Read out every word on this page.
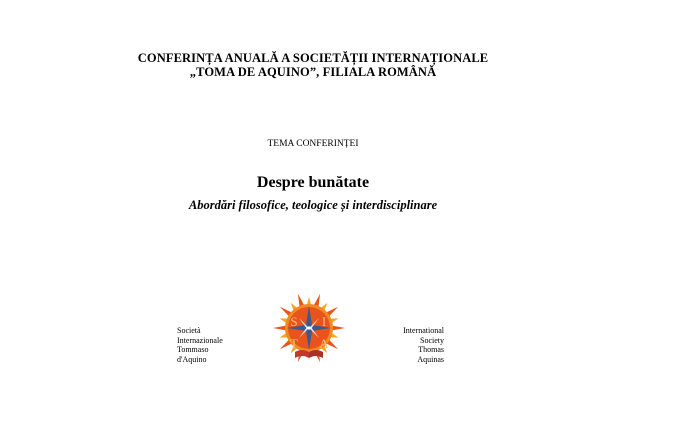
CONFERINȚA ANUALĂ A SOCIETĂȚII INTERNAȚIONALE
„TOMA DE AQUINO”, FILIALA ROMÂNĂ
TEMA CONFERINȚEI
Despre bunătate
Abordări filosofice, teologice și interdisciplinare
Società
Internazionale
Tommaso
d'Aquino
S I
T A
International
Society
Thomas
Aquinas
